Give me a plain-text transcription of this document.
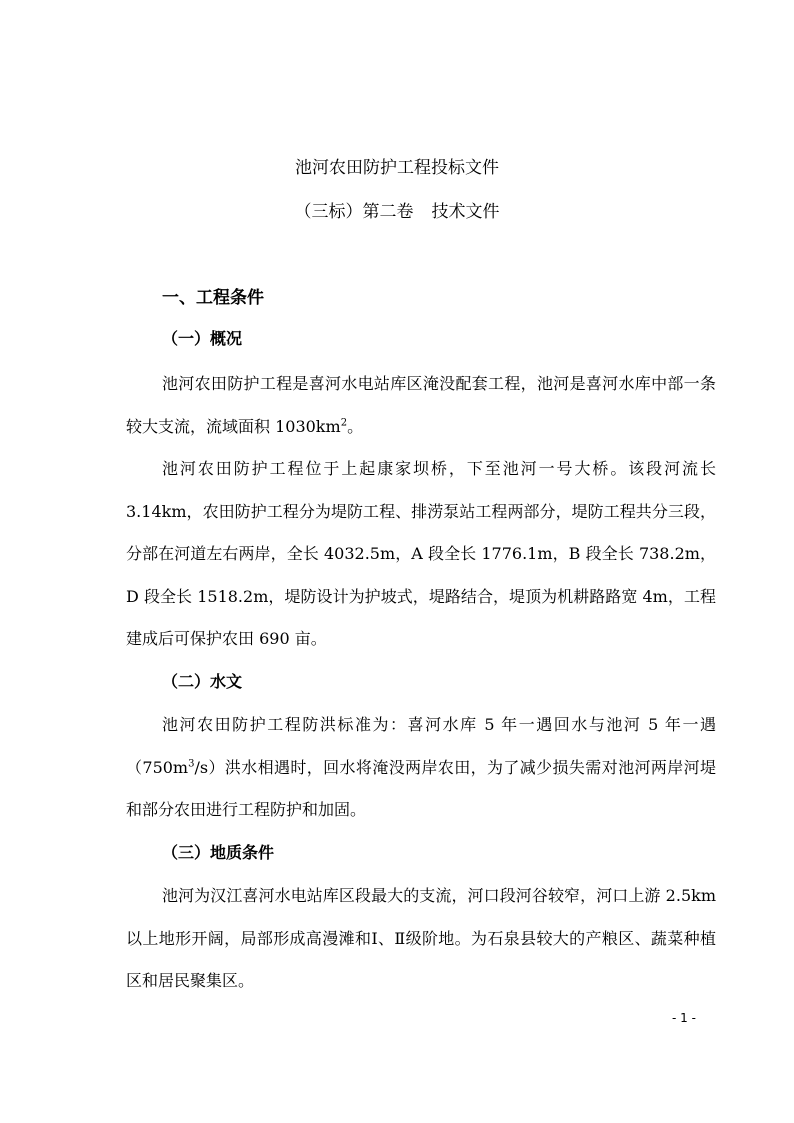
池河农田防护工程投标文件
（三标）第二卷 技术文件
一、工程条件
（一）概况

池河农田防护工程是喜河水电站库区淹没配套工程，池河是喜河水库中部一条较大支流，流域面积 $1030km^2$。

池河农田防护工程位于上起康家坝桥，下至池河一号大桥。该段河流长 3.14km，农田防护工程分为堤防工程、排涝泵站工程两部分，堤防工程共分三段，分部在河道左右两岸，全长 4032.5m，A 段全长 1776.1m，B 段全长 738.2m，D 段全长 1518.2m，堤防设计为护坡式，堤路结合，堤顶为机耕路路宽 4m，工程建成后可保护农田 690 亩。

（二）水文

池河农田防护工程防洪标准为：喜河水库 5 年一遇回水与池河 5 年一遇$(750m^3/s)$洪水相遇时，回水将淹没两岸农田，为了减少损失需对池河两岸河堤和部分农田进行工程防护和加固。

（三）地质条件

池河为汉江喜河水电站库区段最大的支流，河口段河谷较窄，河口上游 2.5km 以上地形开阔，局部形成高漫滩和Ⅰ、Ⅱ级阶地。为石泉县较大的产粮区、蔬菜种植区和居民聚集区。

- 1 -
